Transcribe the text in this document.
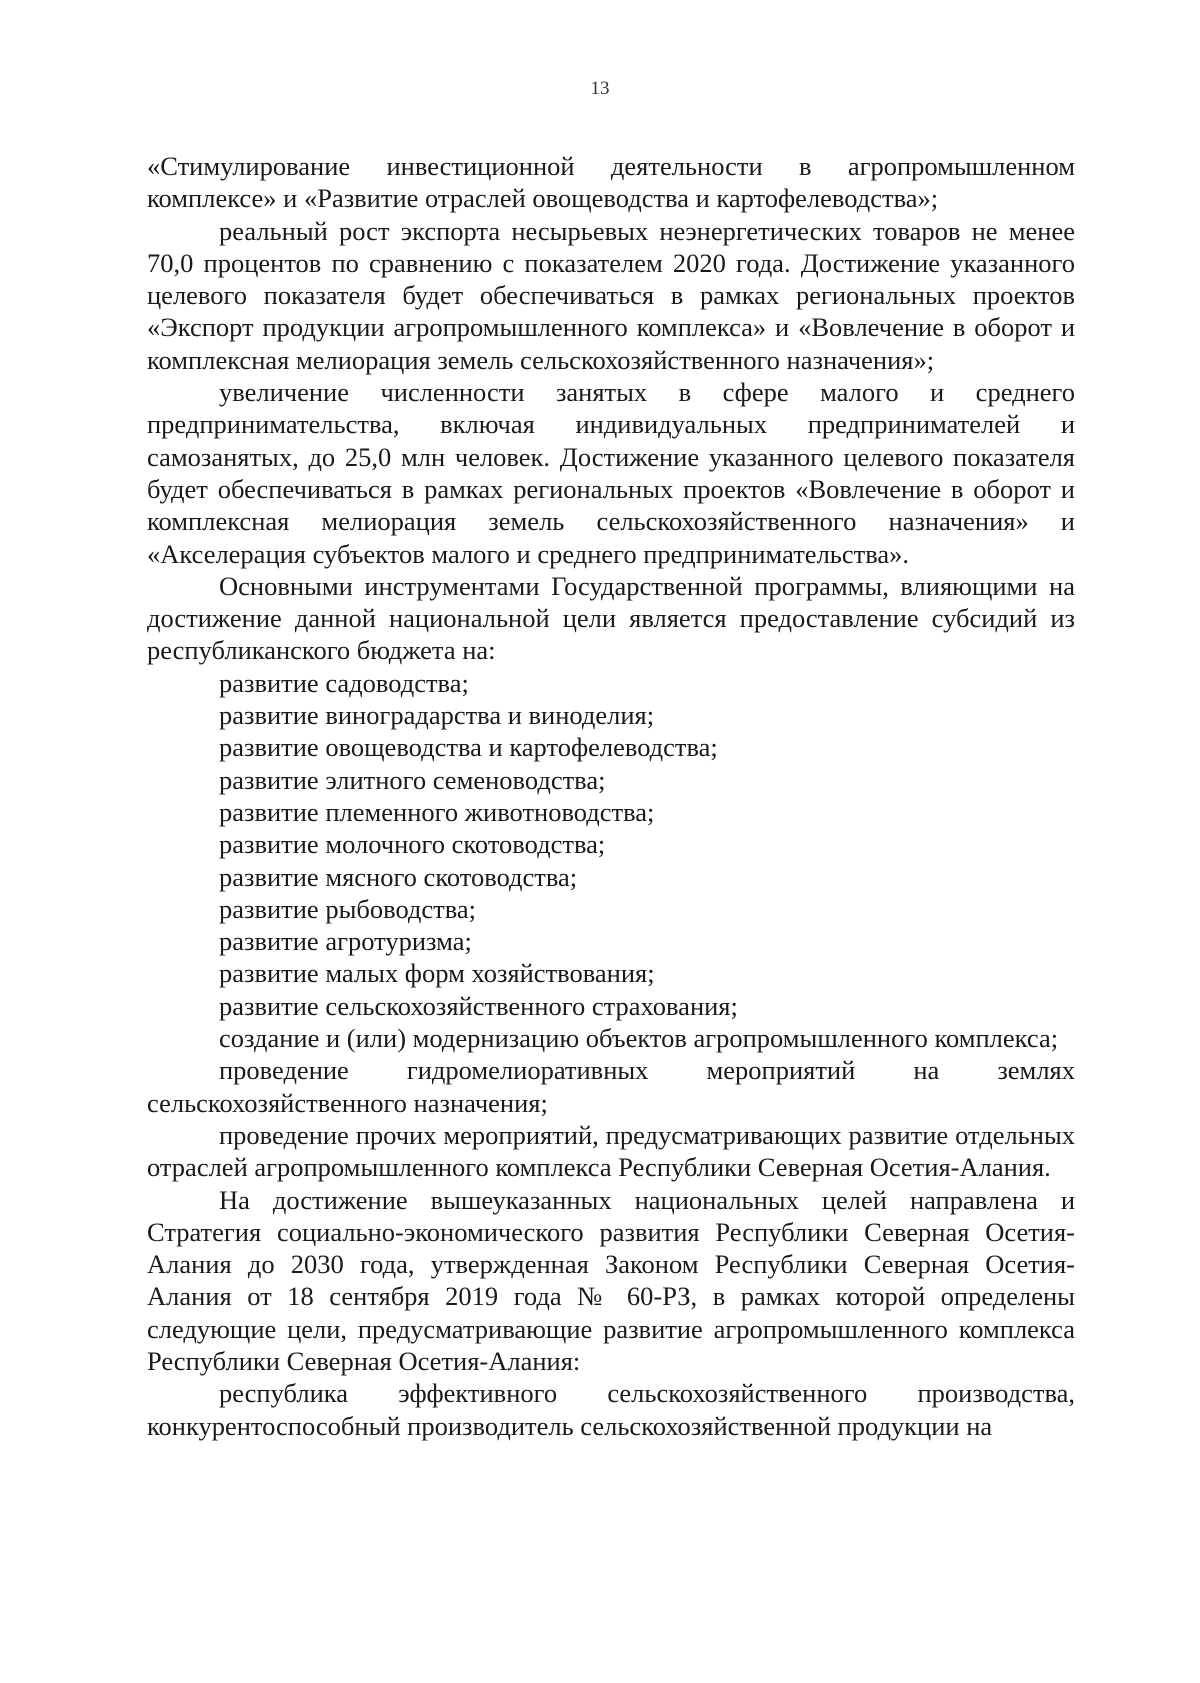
13

«Стимулирование инвестиционной деятельности в агропромышленном комплексе» и «Развитие отраслей овощеводства и картофелеводства»;

реальный рост экспорта несырьевых неэнергетических товаров не менее 70,0 процентов по сравнению с показателем 2020 года. Достижение указанного целевого показателя будет обеспечиваться в рамках региональных проектов «Экспорт продукции агропромышленного комплекса» и «Вовлечение в оборот и комплексная мелиорация земель сельскохозяйственного назначения»;

увеличение численности занятых в сфере малого и среднего предпринимательства, включая индивидуальных предпринимателей и самозанятых, до 25,0 млн человек. Достижение указанного целевого показателя будет обеспечиваться в рамках региональных проектов «Вовлечение в оборот и комплексная мелиорация земель сельскохозяйственного назначения» и «Акселерация субъектов малого и среднего предпринимательства».

Основными инструментами Государственной программы, влияющими на достижение данной национальной цели является предоставление субсидий из республиканского бюджета на:

развитие садоводства;

развитие виноградарства и виноделия;

развитие овощеводства и картофелеводства;

развитие элитного семеноводства;

развитие племенного животноводства;

развитие молочного скотоводства;

развитие мясного скотоводства;

развитие рыбоводства;

развитие агротуризма;

развитие малых форм хозяйствования;

развитие сельскохозяйственного страхования;

создание и (или) модернизацию объектов агропромышленного комплекса;

проведение гидромелиоративных мероприятий на землях сельскохозяйственного назначения;

проведение прочих мероприятий, предусматривающих развитие отдельных отраслей агропромышленного комплекса Республики Северная Осетия-Алания.

На достижение вышеуказанных национальных целей направлена и Стратегия социально-экономического развития Республики Северная Осетия-Алания до 2030 года, утвержденная Законом Республики Северная Осетия-Алания от 18 сентября 2019 года № 60-РЗ, в рамках которой определены следующие цели, предусматривающие развитие агропромышленного комплекса Республики Северная Осетия-Алания:

республика эффективного сельскохозяйственного производства, конкурентоспособный производитель сельскохозяйственной продукции на
